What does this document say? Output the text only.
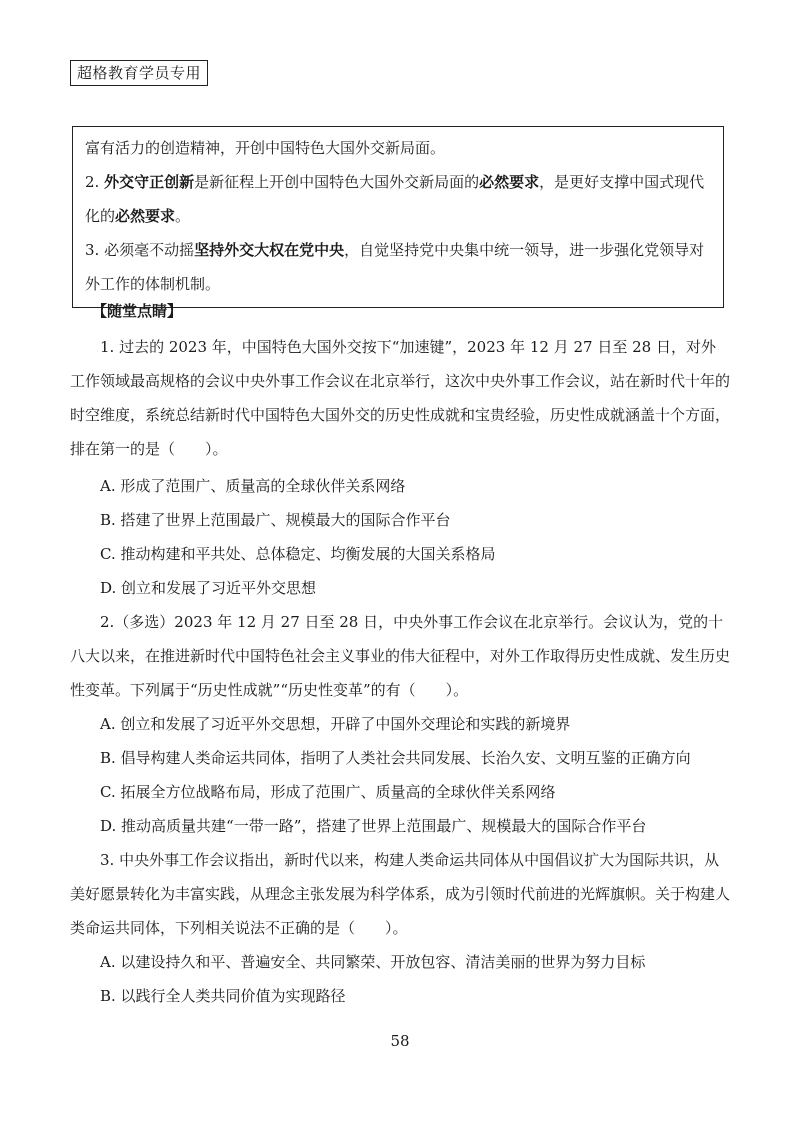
超格教育学员专用

富有活力的创造精神，开创中国特色大国外交新局面。

2. 外交守正创新是新征程上开创中国特色大国外交新局面的必然要求，是更好支撑中国式现代化的必然要求。

3. 必须毫不动摇坚持外交大权在党中央，自觉坚持党中央集中统一领导，进一步强化党领导对外工作的体制机制。

【随堂点睛】

1. 过去的 2023 年，中国特色大国外交按下“加速键”，2023 年 12 月 27 日至 28 日，对外工作领域最高规格的会议中央外事工作会议在北京举行，这次中央外事工作会议，站在新时代十年的时空维度，系统总结新时代中国特色大国外交的历史性成就和宝贵经验，历史性成就涵盖十个方面，排在第一的是（　　）。

A. 形成了范围广、质量高的全球伙伴关系网络

B. 搭建了世界上范围最广、规模最大的国际合作平台

C. 推动构建和平共处、总体稳定、均衡发展的大国关系格局

D. 创立和发展了习近平外交思想

2.（多选）2023 年 12 月 27 日至 28 日，中央外事工作会议在北京举行。会议认为，党的十八大以来，在推进新时代中国特色社会主义事业的伟大征程中，对外工作取得历史性成就、发生历史性变革。下列属于“历史性成就”“历史性变革”的有（　　）。

A. 创立和发展了习近平外交思想，开辟了中国外交理论和实践的新境界

B. 倡导构建人类命运共同体，指明了人类社会共同发展、长治久安、文明互鉴的正确方向

C. 拓展全方位战略布局，形成了范围广、质量高的全球伙伴关系网络

D. 推动高质量共建“一带一路”，搭建了世界上范围最广、规模最大的国际合作平台

3. 中央外事工作会议指出，新时代以来，构建人类命运共同体从中国倡议扩大为国际共识，从美好愿景转化为丰富实践，从理念主张发展为科学体系，成为引领时代前进的光辉旗帜。关于构建人类命运共同体，下列相关说法不正确的是（　　）。

A. 以建设持久和平、普遍安全、共同繁荣、开放包容、清洁美丽的世界为努力目标

B. 以践行全人类共同价值为实现路径

58
